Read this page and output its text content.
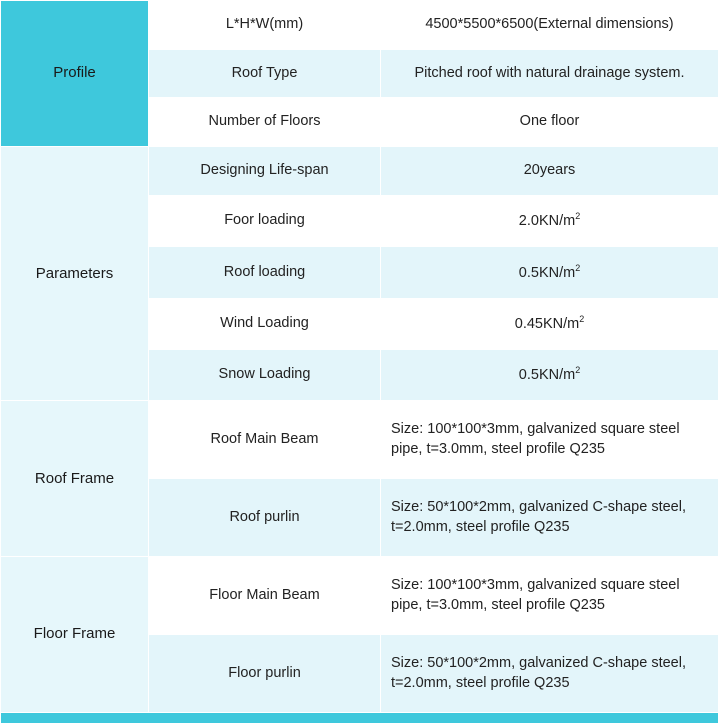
Profile	L*H*W(mm)	4500*5500*6500(External dimensions)
	Roof Type	Pitched roof with natural drainage system.
	Number of Floors	One floor
Parameters	Designing Life-span	20years
	Foor loading	$2.0KN/m^2$
	Roof loading	$0.5KN/m^2$
	Wind Loading	$0.45KN/m^2$
	Snow Loading	$0.5KN/m^2$
Roof Frame	Roof Main Beam	Size: 100*100*3mm, galvanized square steel pipe, t=3.0mm, steel profile Q235
	Roof purlin	Size: 50*100*2mm, galvanized C-shape steel, t=2.0mm, steel profile Q235
Floor Frame	Floor Main Beam	Size: 100*100*3mm, galvanized square steel pipe, t=3.0mm, steel profile Q235
	Floor purlin	Size: 50*100*2mm, galvanized C-shape steel, t=2.0mm, steel profile Q235
